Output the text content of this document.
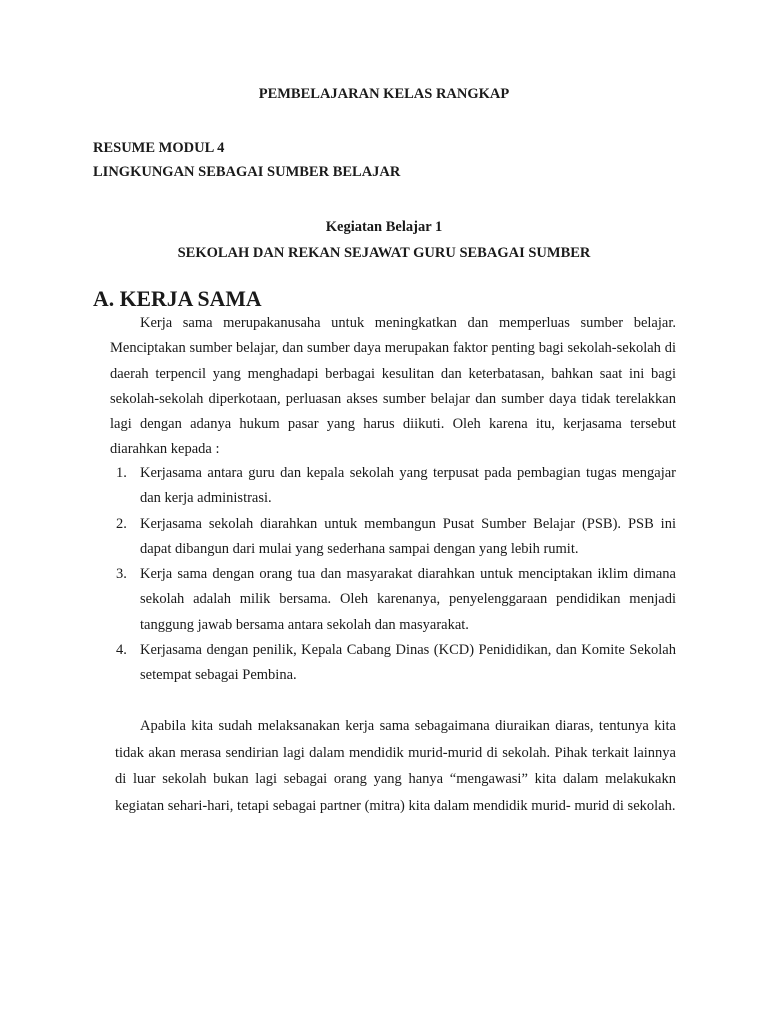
PEMBELAJARAN KELAS RANGKAP
RESUME MODUL 4
LINGKUNGAN SEBAGAI SUMBER BELAJAR
Kegiatan Belajar 1
SEKOLAH DAN REKAN SEJAWAT GURU SEBAGAI SUMBER
A. KERJA SAMA

Kerja sama merupakanusaha untuk meningkatkan dan memperluas sumber belajar. Menciptakan sumber belajar, dan sumber daya merupakan faktor penting bagi sekolah-sekolah di daerah terpencil yang menghadapi berbagai kesulitan dan keterbatasan, bahkan saat ini bagi sekolah-sekolah diperkotaan, perluasan akses sumber belajar dan sumber daya tidak terelakkan lagi dengan adanya hukum pasar yang harus diikuti. Oleh karena itu, kerjasama tersebut diarahkan kepada :

1. Kerjasama antara guru dan kepala sekolah yang terpusat pada pembagian tugas mengajar dan kerja administrasi.
2. Kerjasama sekolah diarahkan untuk membangun Pusat Sumber Belajar (PSB). PSB ini dapat dibangun dari mulai yang sederhana sampai dengan yang lebih rumit.
3. Kerja sama dengan orang tua dan masyarakat diarahkan untuk menciptakan iklim dimana sekolah adalah milik bersama. Oleh karenanya, penyelenggaraan pendidikan menjadi tanggung jawab bersama antara sekolah dan masyarakat.
4. Kerjasama dengan penilik, Kepala Cabang Dinas (KCD) Penididikan, dan Komite Sekolah setempat sebagai Pembina.

Apabila kita sudah melaksanakan kerja sama sebagaimana diuraikan diaras, tentunya kita tidak akan merasa sendirian lagi dalam mendidik murid-murid di sekolah. Pihak terkait lainnya di luar sekolah bukan lagi sebagai orang yang hanya “mengawasi” kita dalam melakukakn kegiatan sehari-hari, tetapi sebagai partner (mitra) kita dalam mendidik murid- murid di sekolah.
